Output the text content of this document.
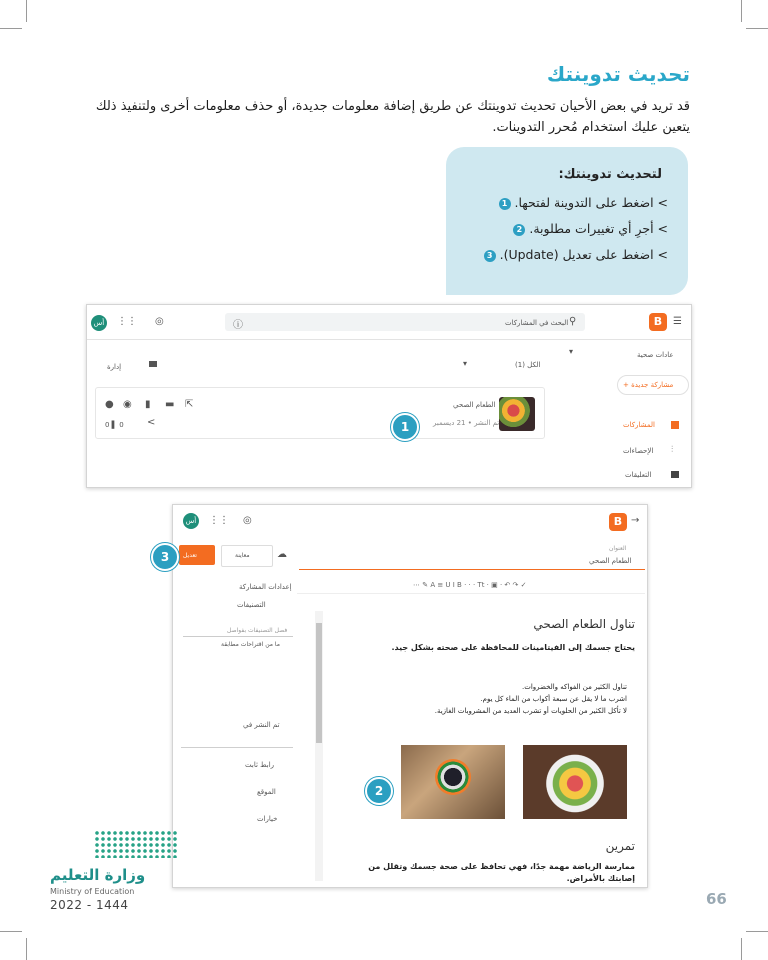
تحديث تدوينتك
قد تريد في بعض الأحيان تحديث تدوينتك عن طريق إضافة معلومات جديدة، أو حذف معلومات أخرى ولتنفيذ ذلك يتعين عليك استخدام مُحرر التدوينات.
لتحديث تدوينتك:
> اضغط على التدوينة لفتحها. 1
> أجرِ أي تغييرات مطلوبة. 2
> اضغط على تعديل (Update). 3
☰
B
⚲
البحث في المشاركات
ⓘ
◎
⋮⋮
أس
عادات صحية
▾
+ مشاركة جديدة
الكل (1)
▾
إدارة
الطعام الصحي
تم النشر • 21 ديسمبر
● ◉ ▮ ▬ ⇱
0 ▌ 0 <	1	المشاركات
⫶
الإحصاءات
التعليقات
→
B
◎
⋮⋮
أس
العنوان
الطعام الصحي
تعديل	معاينة	☁
3
⋯ ✎ A ≡ U I B · · · Tt · ▣ · ↶ ↷ ✓
إعدادات المشاركة
التصنيفات
فصل التصنيفات بفواصل
ما من اقتراحات مطابقة
تم النشر في
رابط ثابت
الموقع
خيارات
تناول الطعام الصحي
يحتاج جسمك إلى الفيتامينات للمحافظة على صحته بشكل جيد.
تناول الكثير من الفواكه والخضروات.
اشرب ما لا يقل عن سبعة أكواب من الماء كل يوم.
لا تأكل الكثير من الحلويات أو تشرب العديد من المشروبات الغازية.
2
تمرين
ممارسة الرياضة مهمة جدًا، فهي تحافظ على صحة جسمك وتقلل من إصابتك بالأمراض.
وزارة التعليم
Ministry of Education
2022 - 1444	66
